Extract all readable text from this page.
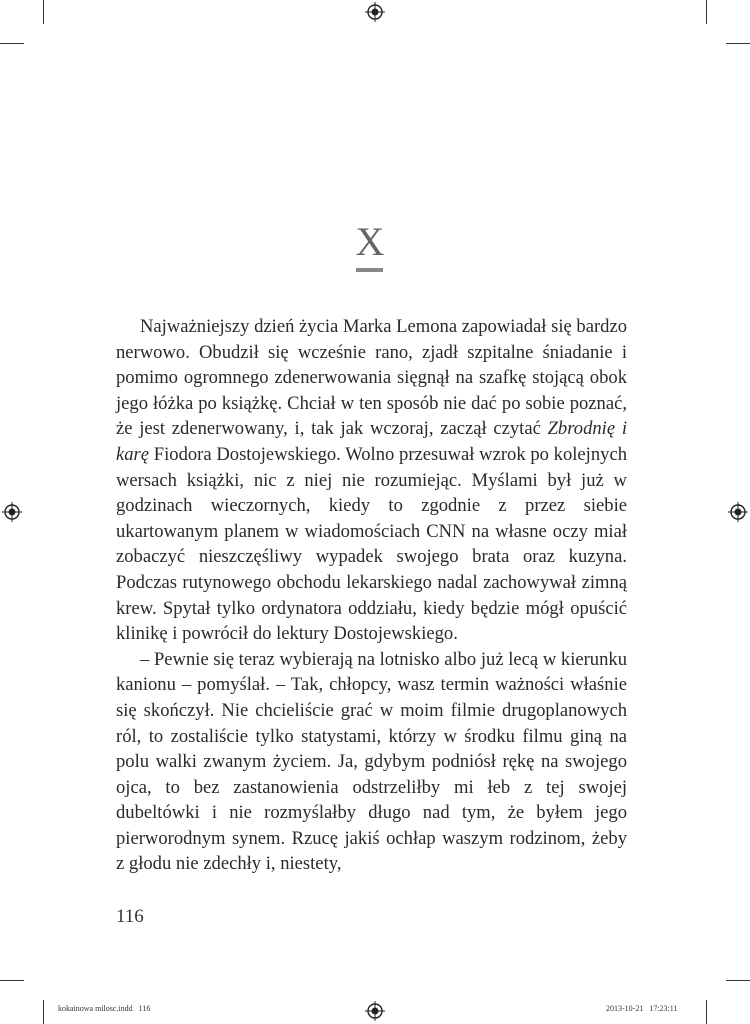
X

Najważniejszy dzień życia Marka Lemona zapowiadał się bardzo nerwowo. Obudził się wcześnie rano, zjadł szpitalne śniadanie i pomimo ogromnego zdenerwowania sięgnął na szafkę stojącą obok jego łóżka po książkę. Chciał w ten sposób nie dać po sobie poznać, że jest zdenerwowany, i, tak jak wczoraj, zaczął czytać Zbrodnię i karę Fiodora Dostojewskiego. Wolno przesuwał wzrok po kolejnych wersach książki, nic z niej nie rozumiejąc. Myślami był już w godzinach wieczornych, kiedy to zgodnie z przez siebie ukartowanym planem w wiadomościach CNN na własne oczy miał zobaczyć nieszczęśliwy wypadek swojego brata oraz kuzyna. Podczas rutynowego obchodu lekarskiego nadal zachowywał zimną krew. Spytał tylko ordynatora oddziału, kiedy będzie mógł opuścić klinikę i powrócił do lektury Dostojewskiego.

– Pewnie się teraz wybierają na lotnisko albo już lecą w kierunku kanionu – pomyślał. – Tak, chłopcy, wasz termin ważności właśnie się skończył. Nie chcieliście grać w moim filmie drugoplanowych ról, to zostaliście tylko statystami, którzy w środku filmu giną na polu walki zwanym życiem. Ja, gdybym podniósł rękę na swojego ojca, to bez zastanowienia odstrzeliłby mi łeb z tej swojej dubeltówki i nie rozmyślałby długo nad tym, że byłem jego pierworodnym synem. Rzucę jakiś ochłap waszym rodzinom, żeby z głodu nie zdechły i, niestety,

116
kokainowa milosc.indd   116	2013-10-21   17:23:11
